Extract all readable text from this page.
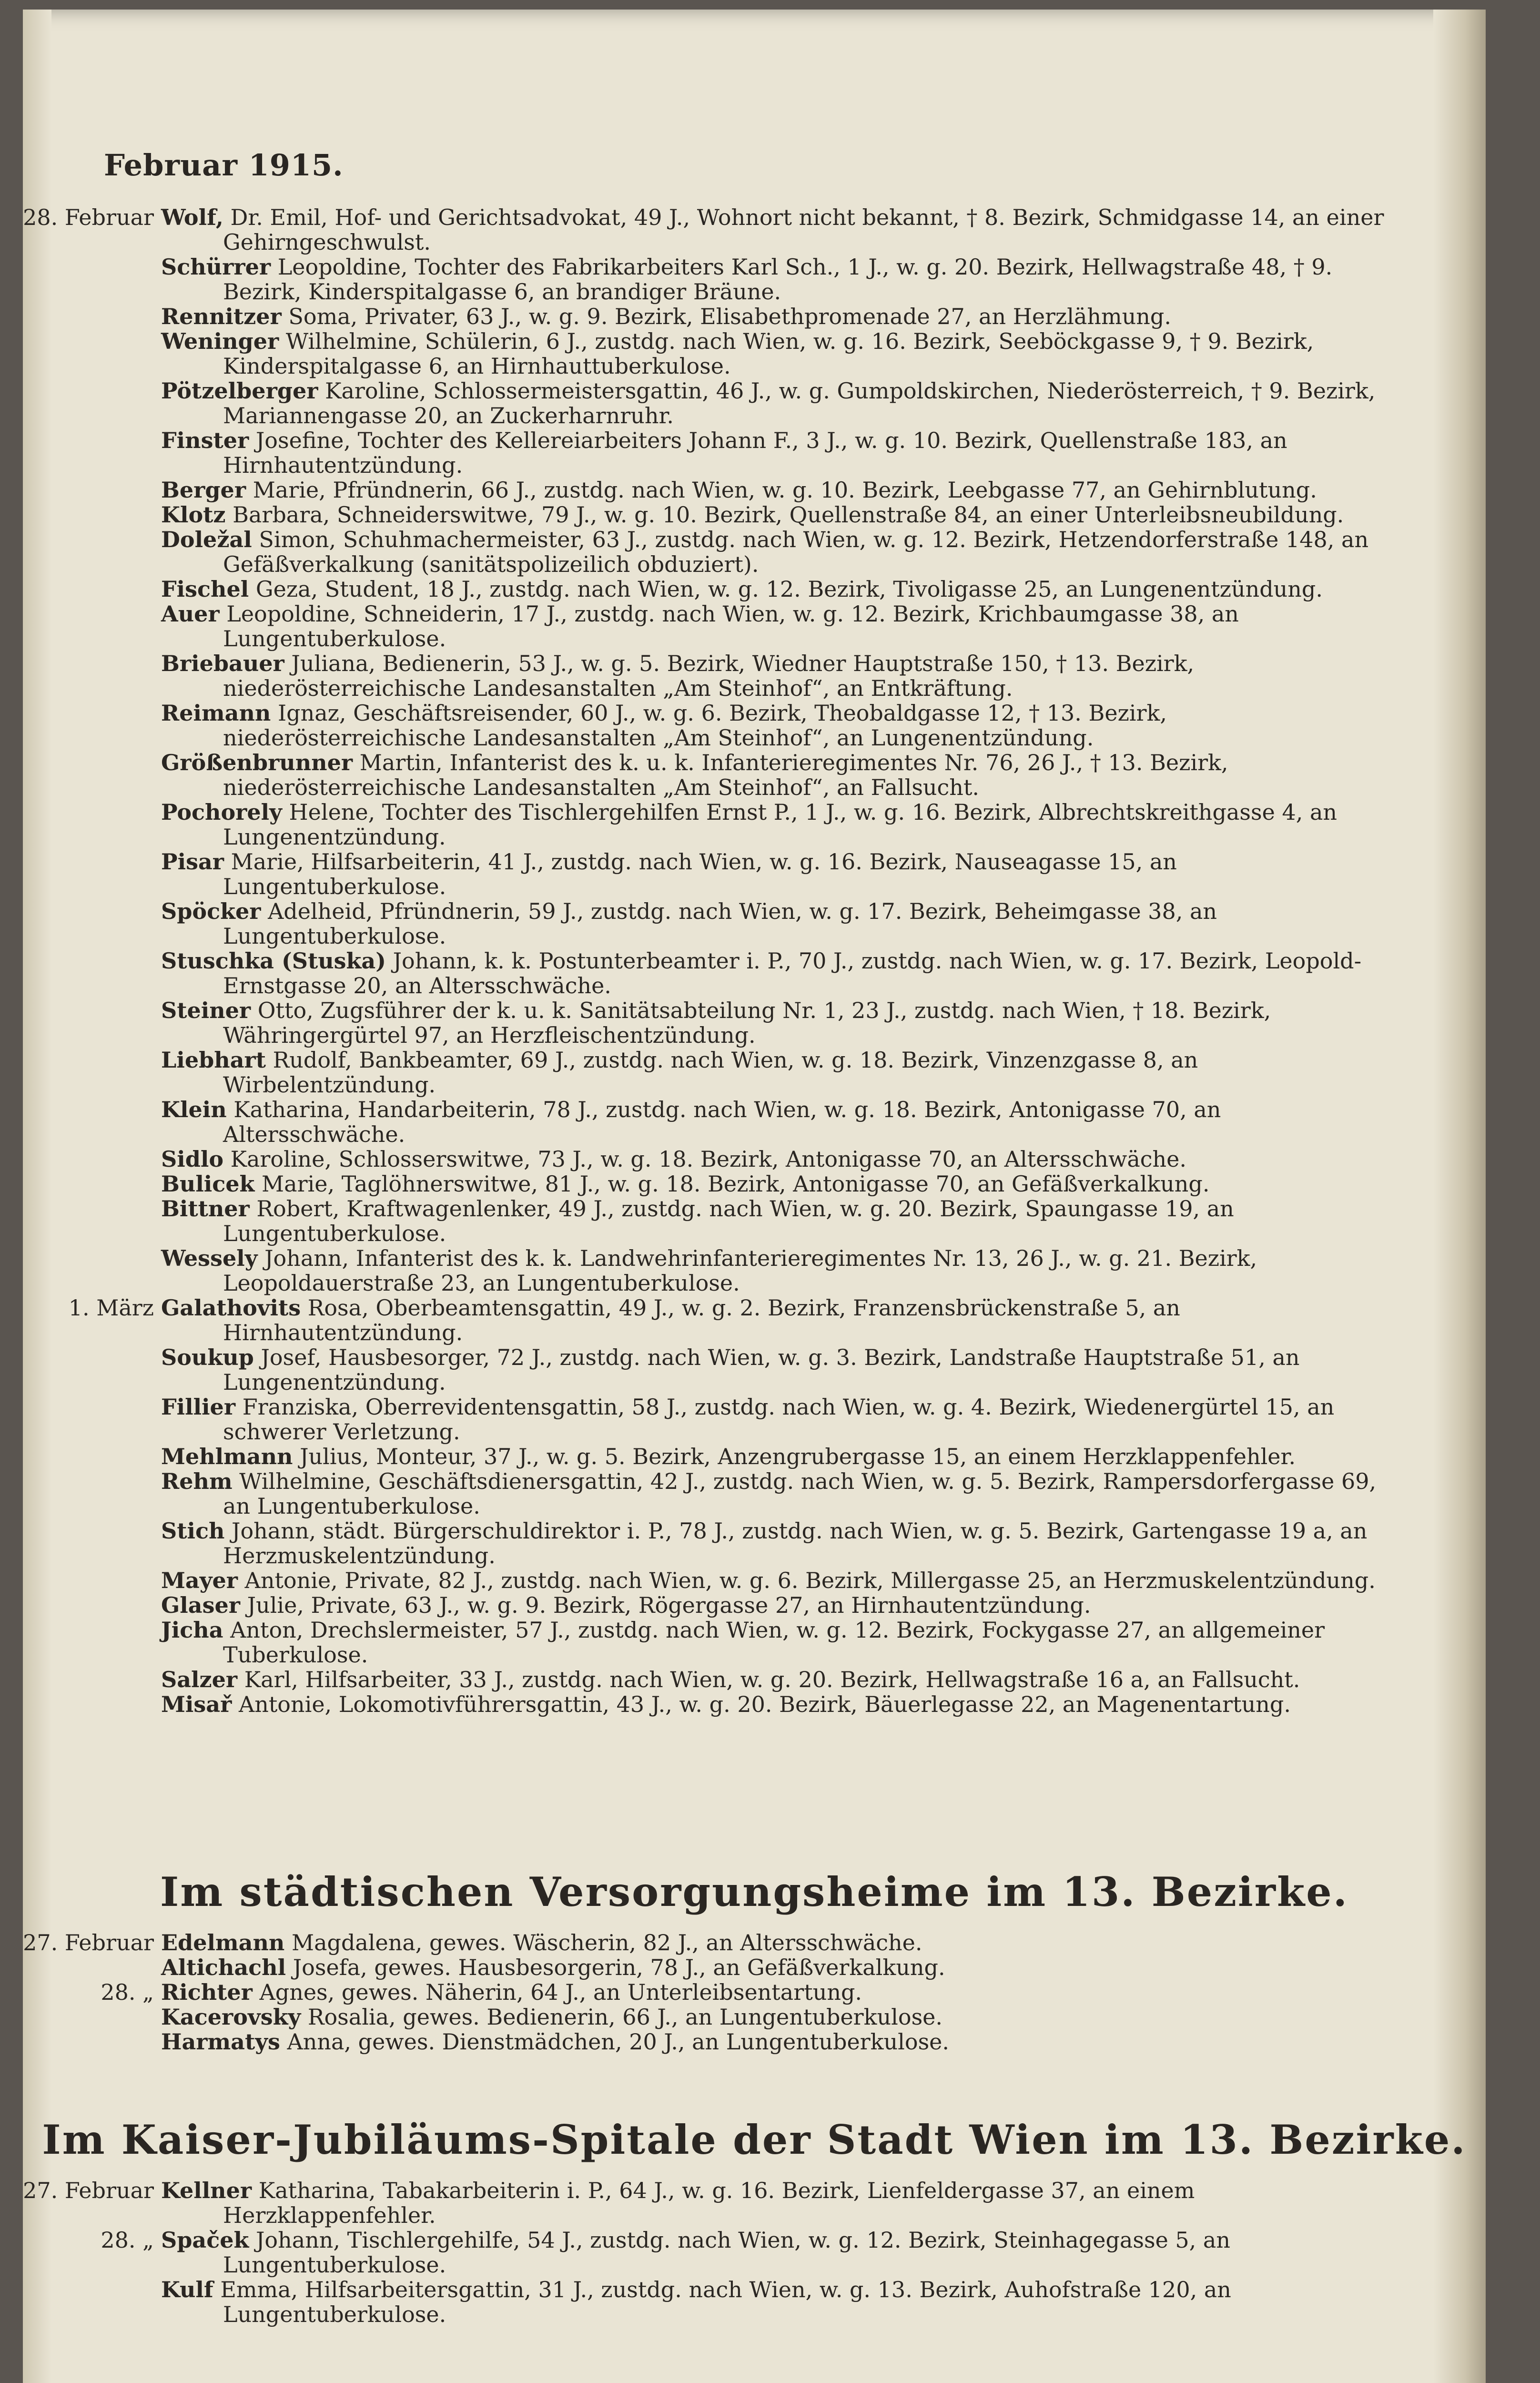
Februar 1915.
28. Februar Wolf, Dr. Emil, Hof- und Gerichtsadvokat, 49 J., Wohnort nicht bekannt, † 8. Bezirk, Schmidgasse 14, an einer Gehirngeschwulst.
Schürrer Leopoldine, Tochter des Fabrikarbeiters Karl Sch., 1 J., w. g. 20. Bezirk, Hellwagstraße 48, † 9. Bezirk, Kinderspitalgasse 6, an brandiger Bräune.
Rennitzer Soma, Privater, 63 J., w. g. 9. Bezirk, Elisabethpromenade 27, an Herzlähmung.
Weninger Wilhelmine, Schülerin, 6 J., zustdg. nach Wien, w. g. 16. Bezirk, Seeböckgasse 9, † 9. Bezirk, Kinderspitalgasse 6, an Hirnhauttuberkulose.
Pötzelberger Karoline, Schlossermeistersgattin, 46 J., w. g. Gumpoldskirchen, Niederösterreich, † 9. Bezirk, Mariannengasse 20, an Zuckerharnruhr.
Finster Josefine, Tochter des Kellereiarbeiters Johann F., 3 J., w. g. 10. Bezirk, Quellenstraße 183, an Hirnhautentzündung.
Berger Marie, Pfründnerin, 66 J., zustdg. nach Wien, w. g. 10. Bezirk, Leebgasse 77, an Gehirnblutung.
Klotz Barbara, Schneiderswitwe, 79 J., w. g. 10. Bezirk, Quellenstraße 84, an einer Unterleibsneubildung.
Doležal Simon, Schuhmachermeister, 63 J., zustdg. nach Wien, w. g. 12. Bezirk, Hetzendorferstraße 148, an Gefäßverkalkung (sanitätspolizeilich obduziert).
Fischel Geza, Student, 18 J., zustdg. nach Wien, w. g. 12. Bezirk, Tivoligasse 25, an Lungenentzündung.
Auer Leopoldine, Schneiderin, 17 J., zustdg. nach Wien, w. g. 12. Bezirk, Krichbaumgasse 38, an Lungentuberkulose.
Briebauer Juliana, Bedienerin, 53 J., w. g. 5. Bezirk, Wiedner Hauptstraße 150, † 13. Bezirk, niederösterreichische Landesanstalten „Am Steinhof“, an Entkräftung.
Reimann Ignaz, Geschäftsreisender, 60 J., w. g. 6. Bezirk, Theobaldgasse 12, † 13. Bezirk, niederösterreichische Landesanstalten „Am Steinhof“, an Lungenentzündung.
Größenbrunner Martin, Infanterist des k. u. k. Infanterieregimentes Nr. 76, 26 J., † 13. Bezirk, niederösterreichische Landesanstalten „Am Steinhof“, an Fallsucht.
Pochorely Helene, Tochter des Tischlergehilfen Ernst P., 1 J., w. g. 16. Bezirk, Albrechtskreithgasse 4, an Lungenentzündung.
Pisar Marie, Hilfsarbeiterin, 41 J., zustdg. nach Wien, w. g. 16. Bezirk, Nauseagasse 15, an Lungentuberkulose.
Spöcker Adelheid, Pfründnerin, 59 J., zustdg. nach Wien, w. g. 17. Bezirk, Beheimgasse 38, an Lungentuberkulose.
Stuschka (Stuska) Johann, k. k. Postunterbeamter i. P., 70 J., zustdg. nach Wien, w. g. 17. Bezirk, Leopold-Ernstgasse 20, an Altersschwäche.
Steiner Otto, Zugsführer der k. u. k. Sanitätsabteilung Nr. 1, 23 J., zustdg. nach Wien, † 18. Bezirk, Währingergürtel 97, an Herzfleischentzündung.
Liebhart Rudolf, Bankbeamter, 69 J., zustdg. nach Wien, w. g. 18. Bezirk, Vinzenzgasse 8, an Wirbelentzündung.
Klein Katharina, Handarbeiterin, 78 J., zustdg. nach Wien, w. g. 18. Bezirk, Antonigasse 70, an Altersschwäche.
Sidlo Karoline, Schlosserswitwe, 73 J., w. g. 18. Bezirk, Antonigasse 70, an Altersschwäche.
Bulicek Marie, Taglöhnerswitwe, 81 J., w. g. 18. Bezirk, Antonigasse 70, an Gefäßverkalkung.
Bittner Robert, Kraftwagenlenker, 49 J., zustdg. nach Wien, w. g. 20. Bezirk, Spaungasse 19, an Lungentuberkulose.
Wessely Johann, Infanterist des k. k. Landwehrinfanterieregimentes Nr. 13, 26 J., w. g. 21. Bezirk, Leopoldauerstraße 23, an Lungentuberkulose.
1. März Galathovits Rosa, Oberbeamtensgattin, 49 J., w. g. 2. Bezirk, Franzensbrückenstraße 5, an Hirnhautentzündung.
Soukup Josef, Hausbesorger, 72 J., zustdg. nach Wien, w. g. 3. Bezirk, Landstraße Hauptstraße 51, an Lungenentzündung.
Fillier Franziska, Oberrevidentensgattin, 58 J., zustdg. nach Wien, w. g. 4. Bezirk, Wiedenergürtel 15, an schwerer Verletzung.
Mehlmann Julius, Monteur, 37 J., w. g. 5. Bezirk, Anzengrubergasse 15, an einem Herzklappenfehler.
Rehm Wilhelmine, Geschäftsdienersgattin, 42 J., zustdg. nach Wien, w. g. 5. Bezirk, Rampersdorfergasse 69, an Lungentuberkulose.
Stich Johann, städt. Bürgerschuldirektor i. P., 78 J., zustdg. nach Wien, w. g. 5. Bezirk, Gartengasse 19 a, an Herzmuskelentzündung.
Mayer Antonie, Private, 82 J., zustdg. nach Wien, w. g. 6. Bezirk, Millergasse 25, an Herzmuskelentzündung.
Glaser Julie, Private, 63 J., w. g. 9. Bezirk, Rögergasse 27, an Hirnhautentzündung.
Jicha Anton, Drechslermeister, 57 J., zustdg. nach Wien, w. g. 12. Bezirk, Fockygasse 27, an allgemeiner Tuberkulose.
Salzer Karl, Hilfsarbeiter, 33 J., zustdg. nach Wien, w. g. 20. Bezirk, Hellwagstraße 16 a, an Fallsucht.
Misař Antonie, Lokomotivführersgattin, 43 J., w. g. 20. Bezirk, Bäuerlegasse 22, an Magenentartung.
Im städtischen Versorgungsheime im 13. Bezirke.
27. Februar Edelmann Magdalena, gewes. Wäscherin, 82 J., an Altersschwäche.
Altichachl Josefa, gewes. Hausbesorgerin, 78 J., an Gefäßverkalkung.
28. „ Richter Agnes, gewes. Näherin, 64 J., an Unterleibsentartung.
Kacerovsky Rosalia, gewes. Bedienerin, 66 J., an Lungentuberkulose.
Harmatys Anna, gewes. Dienstmädchen, 20 J., an Lungentuberkulose.
Im Kaiser-Jubiläums-Spitale der Stadt Wien im 13. Bezirke.
27. Februar Kellner Katharina, Tabakarbeiterin i. P., 64 J., w. g. 16. Bezirk, Lienfeldergasse 37, an einem Herzklappenfehler.
28. „ Spaček Johann, Tischlergehilfe, 54 J., zustdg. nach Wien, w. g. 12. Bezirk, Steinhagegasse 5, an Lungentuberkulose.
Kulf Emma, Hilfsarbeitersgattin, 31 J., zustdg. nach Wien, w. g. 13. Bezirk, Auhofstraße 120, an Lungentuberkulose.
